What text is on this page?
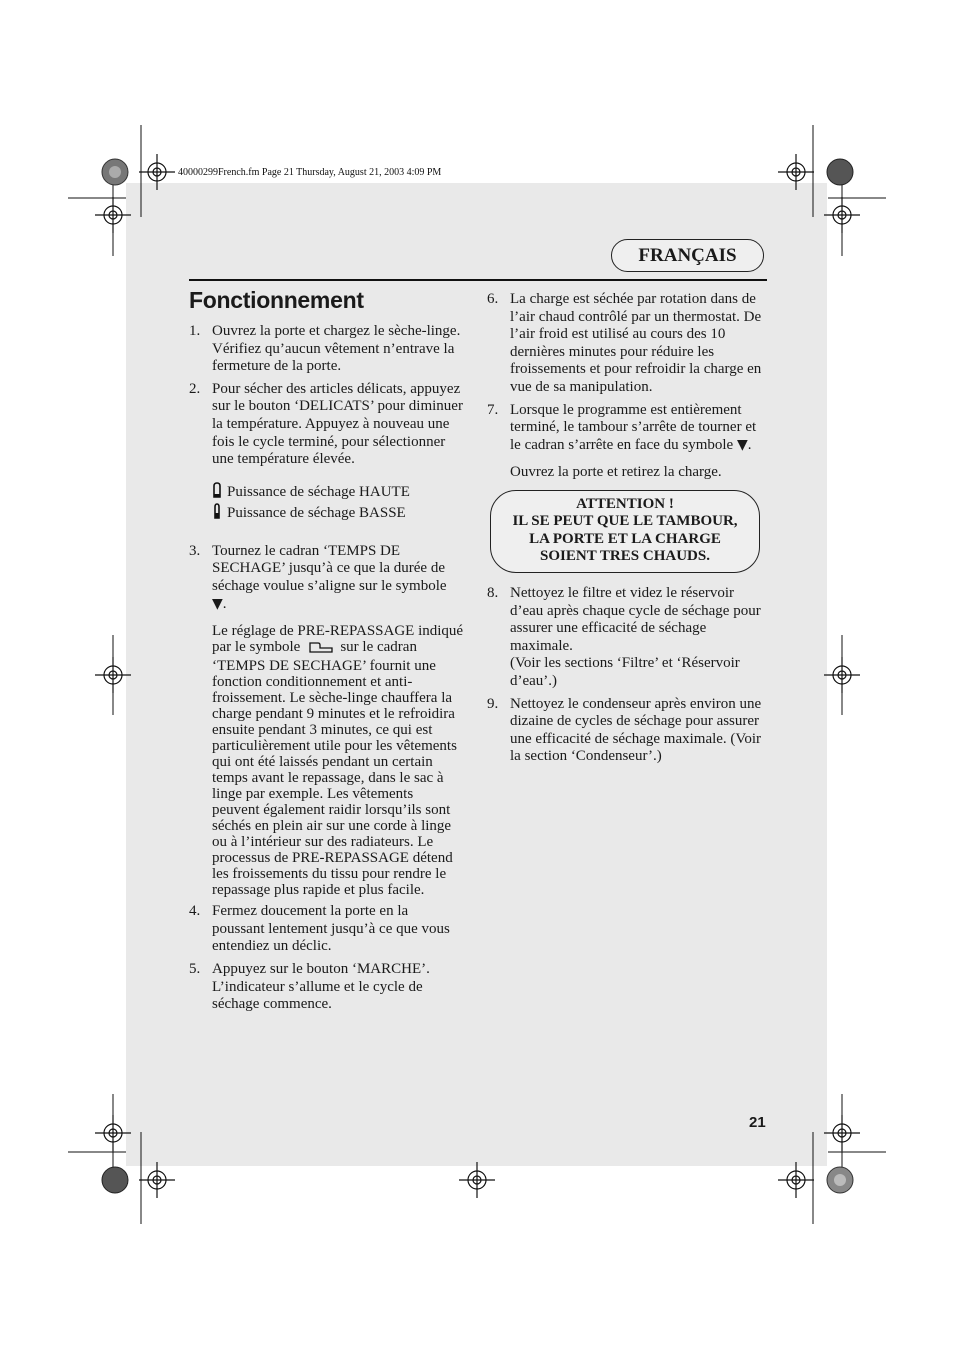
40000299French.fm Page 21 Thursday, August 21, 2003 4:09 PM
FRANÇAIS
Fonctionnement
1. Ouvrez la porte et chargez le sèche-linge. Vérifiez qu’aucun vêtement n’entrave la fermeture de la porte.
2. Pour sécher des articles délicats, appuyez sur le bouton ‘DELICATS’ pour diminuer la température. Appuyez à nouveau une fois le cycle terminé, pour sélectionner une température élevée.
Puissance de séchage HAUTE
Puissance de séchage BASSE
3. Tournez le cadran ‘TEMPS DE SECHAGE’ jusqu’à ce que la durée de séchage voulue s’aligne sur le symbole ▼.

Le réglage de PRE-REPASSAGE indiqué par le symbole	sur le cadran ‘TEMPS DE SECHAGE’ fournit une fonction conditionnement et anti-froissement. Le sèche-linge chauffera la charge pendant 9 minutes et le refroidira ensuite pendant 3 minutes, ce qui est particulièrement utile pour les vêtements qui ont été laissés pendant un certain temps avant le repassage, dans le sac à linge par exemple. Les vêtements peuvent également raidir lorsqu’ils sont séchés en plein air sur une corde à linge ou à l’intérieur sur des radiateurs. Le processus de PRE-REPASSAGE détend les froissements du tissu pour rendre le repassage plus rapide et plus facile.

4. Fermez doucement la porte en la poussant lentement jusqu’à ce que vous entendiez un déclic.
5. Appuyez sur le bouton ‘MARCHE’. L’indicateur s’allume et le cycle de séchage commence.
6. La charge est séchée par rotation dans de l’air chaud contrôlé par un thermostat. De l’air froid est utilisé au cours des 10 dernières minutes pour réduire les froissements et pour refroidir la charge en vue de sa manipulation.
7. Lorsque le programme est entièrement terminé, le tambour s’arrête de tourner et le cadran s’arrête en face du symbole ▼.

Ouvrez la porte et retirez la charge.

ATTENTION !
IL SE PEUT QUE LE TAMBOUR,
LA PORTE ET LA CHARGE
SOIENT TRES CHAUDS.
8. Nettoyez le filtre et videz le réservoir d’eau après chaque cycle de séchage pour assurer une efficacité de séchage maximale.

(Voir les sections ‘Filtre’ et ‘Réservoir d’eau’.)

9. Nettoyez le condenseur après environ une dizaine de cycles de séchage pour assurer une efficacité de séchage maximale. (Voir la section ‘Condenseur’.)
21
